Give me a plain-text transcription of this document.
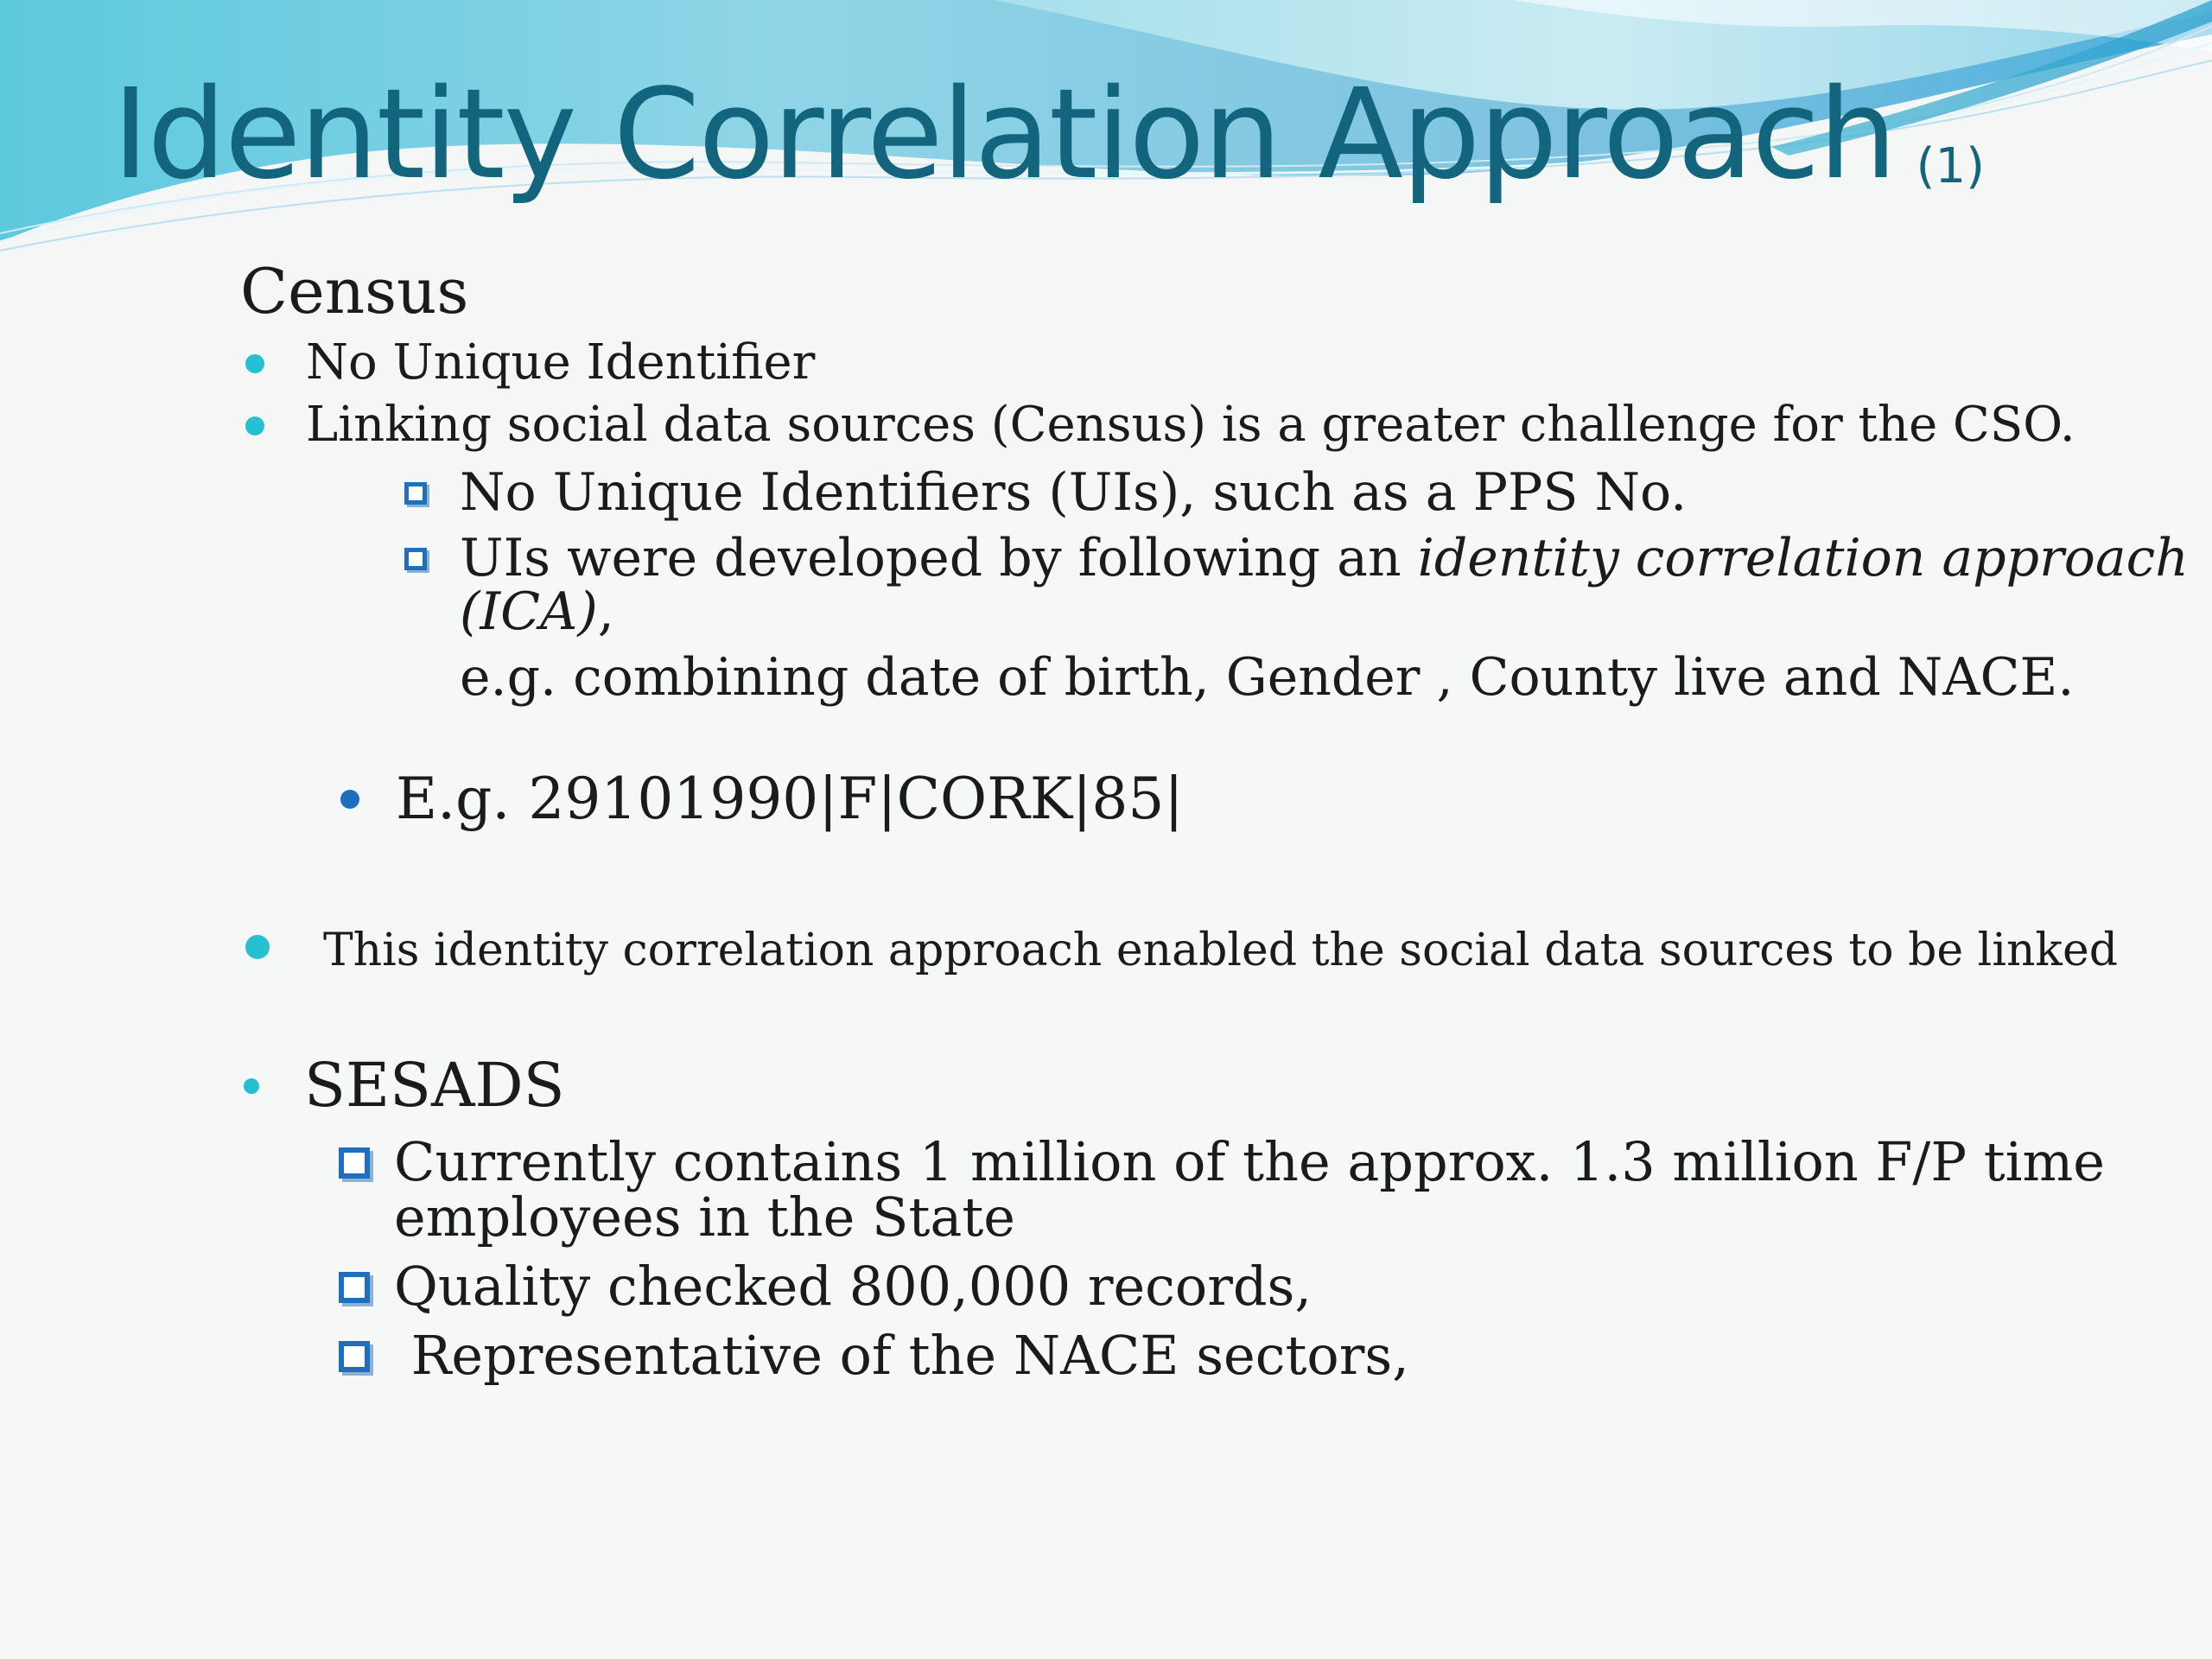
Identity Correlation Approach (1)

Census

No Unique Identifier

Linking social data sources (Census) is a greater challenge for the CSO.

No Unique Identifiers (UIs), such as a PPS No.

UIs were developed by following an identity correlation approach

(ICA),

e.g. combining date of birth, Gender , County live and NACE.

E.g. 29101990|F|CORK|85|

This identity correlation approach enabled the social data sources to be linked

SESADS

Currently contains 1 million of the approx. 1.3 million F/P time

employees in the State

Quality checked 800,000 records,

Representative of the NACE sectors,
